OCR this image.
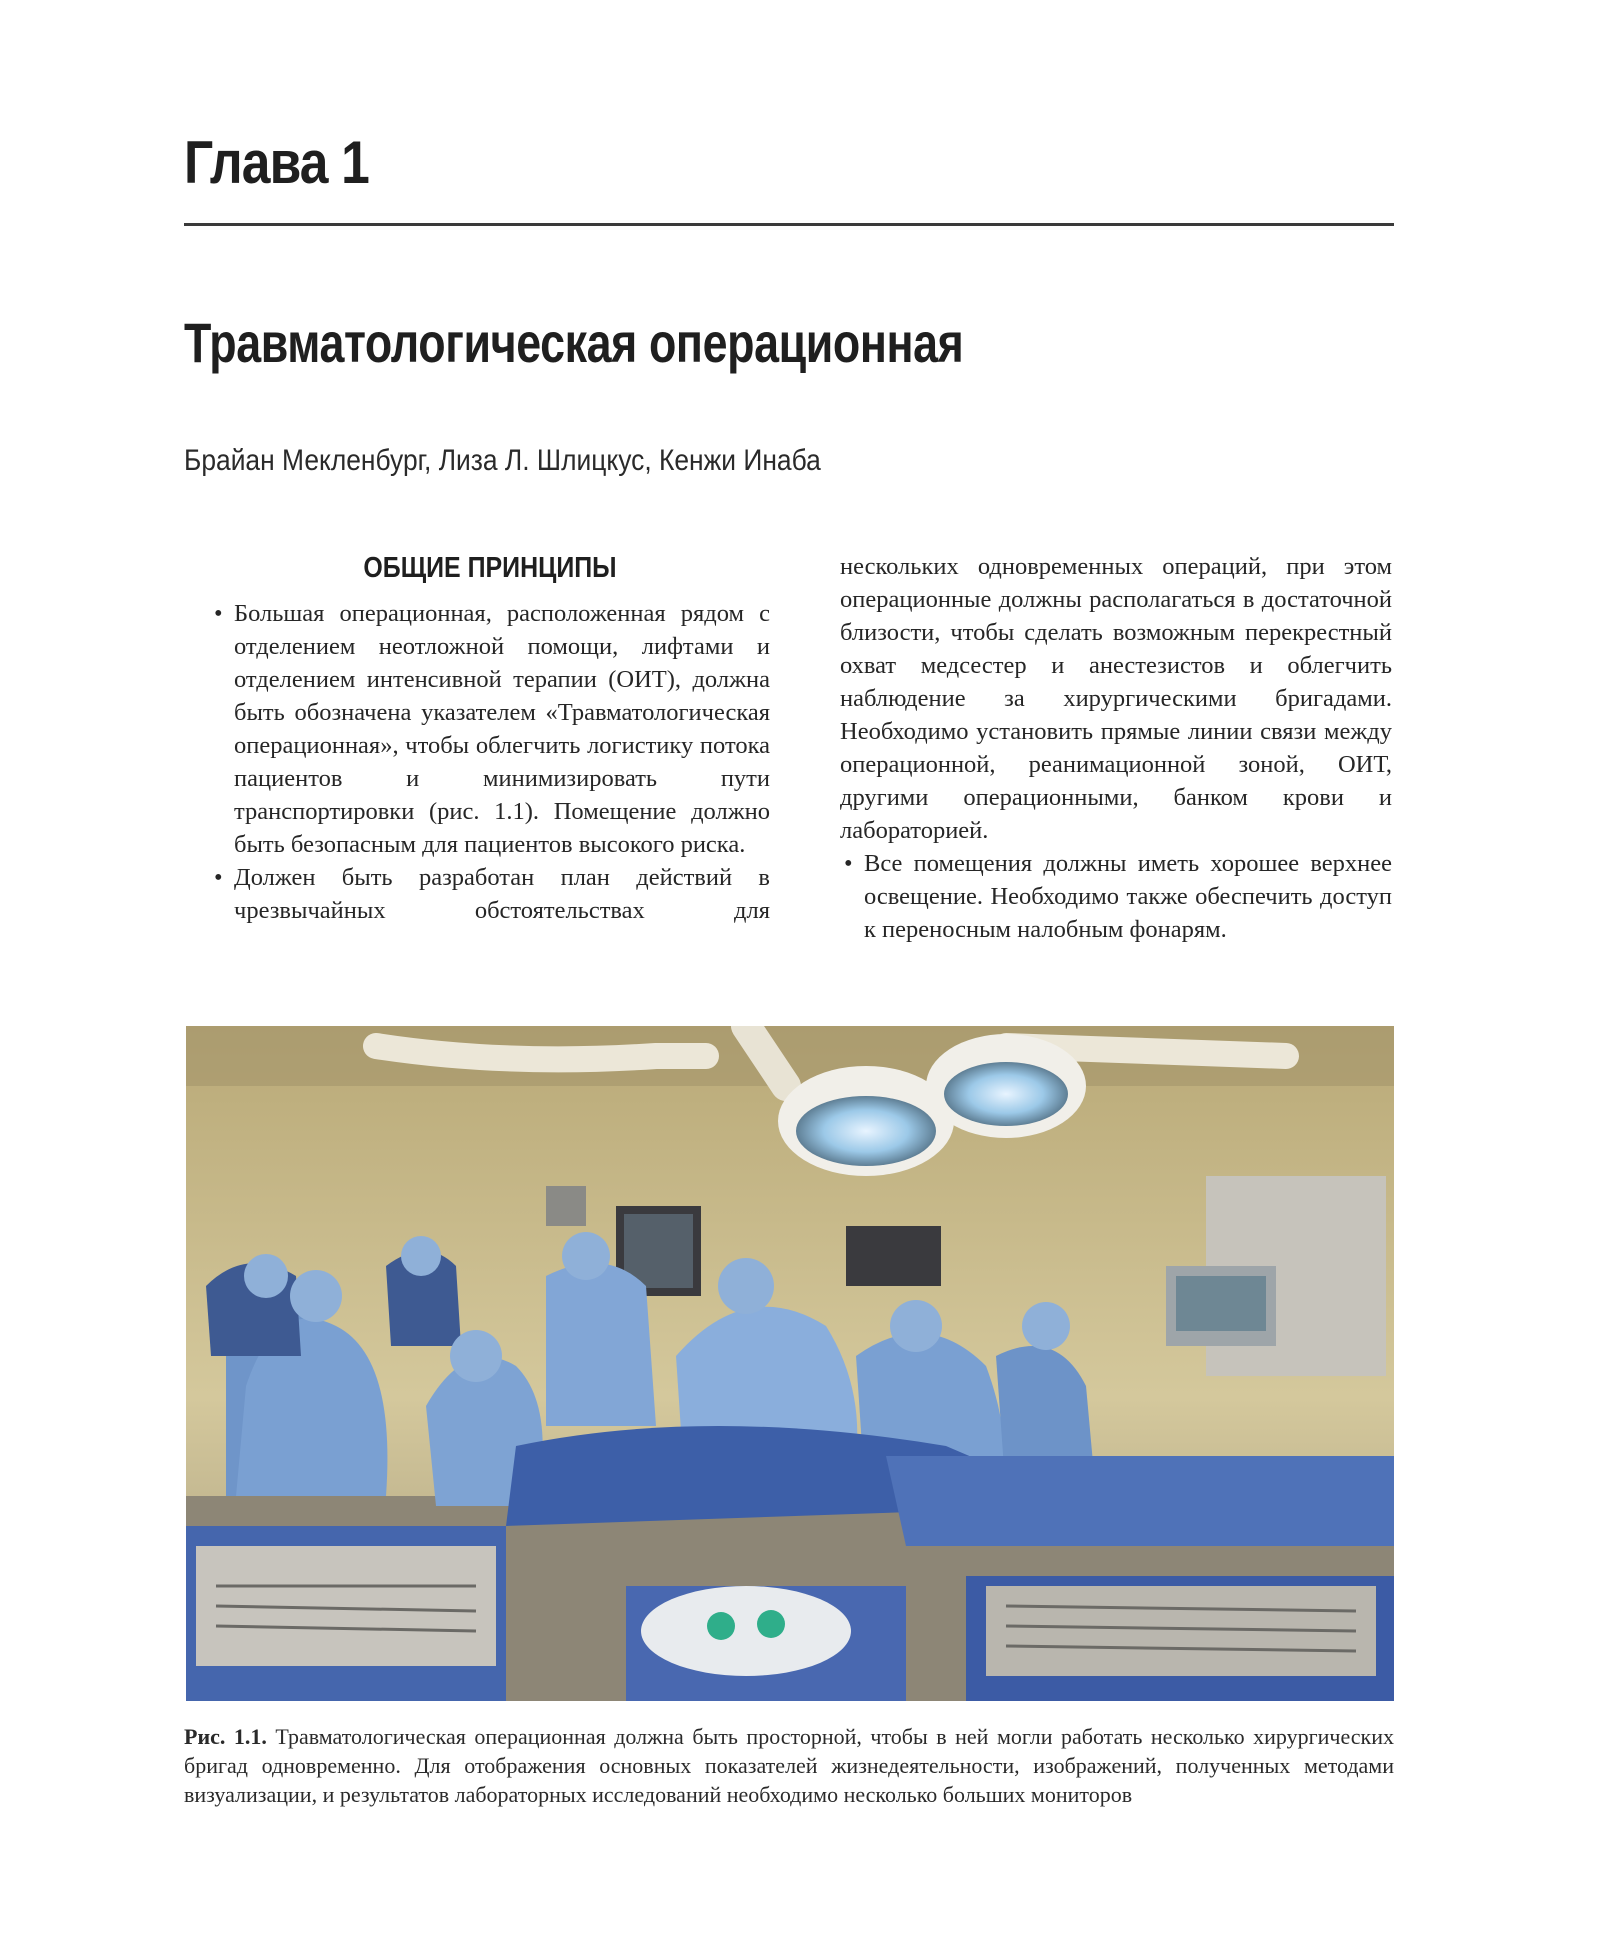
Глава 1
Травматологическая операционная
Брайан Мекленбург, Лиза Л. Шлицкус, Кенжи Инаба
ОБЩИЕ ПРИНЦИПЫ

• Большая операционная, расположенная рядом с отделением неотложной помощи, лифтами и отделением интенсивной терапии (ОИТ), должна быть обозначена указателем «Травматологическая операционная», чтобы облегчить логистику потока пациентов и минимизировать пути транспортировки (рис. 1.1). Помещение должно быть безопасным для пациентов высокого риска.

• Должен быть разработан план действий в чрезвычайных обстоятельствах для

нескольких одновременных операций, при этом операционные должны располагаться в достаточной близости, чтобы сделать возможным перекрестный охват медсестер и анестезистов и облегчить наблюдение за хирургическими бригадами. Необходимо установить прямые линии связи между операционной, реанимационной зоной, ОИТ, другими операционными, банком крови и лабораторией.

• Все помещения должны иметь хорошее верхнее освещение. Необходимо также обеспечить доступ к переносным налобным фонарям.

Рис. 1.1. Травматологическая операционная должна быть просторной, чтобы в ней могли работать несколько хирургических бригад одновременно. Для отображения основных показателей жизнедеятельности, изображений, полученных методами визуализации, и результатов лабораторных исследований необходимо несколько больших мониторов
